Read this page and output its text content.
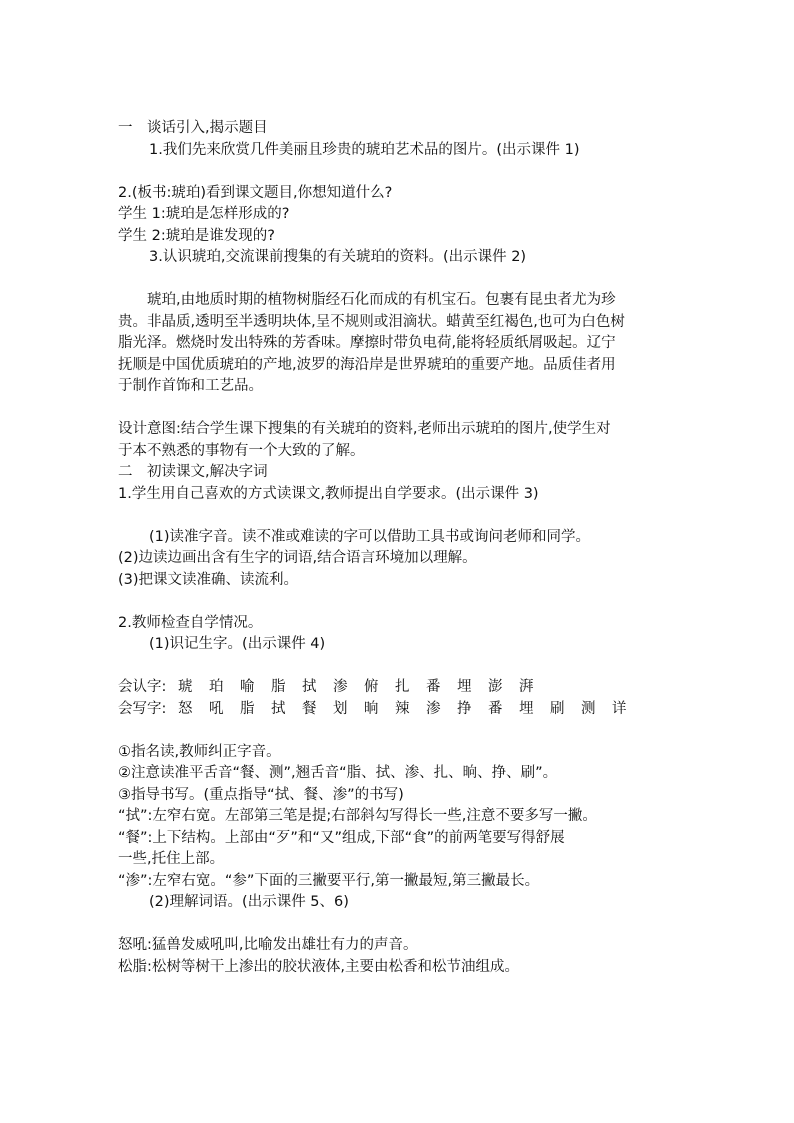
一　谈话引入,揭示题目

1.我们先来欣赏几件美丽且珍贵的琥珀艺术品的图片。(出示课件 1)

2.(板书:琥珀)看到课文题目,你想知道什么?

学生 1:琥珀是怎样形成的?

学生 2:琥珀是谁发现的?

3.认识琥珀,交流课前搜集的有关琥珀的资料。(出示课件 2)

　　琥珀,由地质时期的植物树脂经石化而成的有机宝石。包裹有昆虫者尤为珍

贵。非晶质,透明至半透明块体,呈不规则或泪滴状。蜡黄至红褐色,也可为白色树

脂光泽。燃烧时发出特殊的芳香味。摩擦时带负电荷,能将轻质纸屑吸起。辽宁

抚顺是中国优质琥珀的产地,波罗的海沿岸是世界琥珀的重要产地。品质佳者用

于制作首饰和工艺品。

设计意图:结合学生课下搜集的有关琥珀的资料,老师出示琥珀的图片,使学生对

于本不熟悉的事物有一个大致的了解。

二　初读课文,解决字词

1.学生用自己喜欢的方式读课文,教师提出自学要求。(出示课件 3)

(1)读准字音。读不准或难读的字可以借助工具书或询问老师和同学。

(2)边读边画出含有生字的词语,结合语言环境加以理解。

(3)把课文读准确、读流利。

2.教师检查自学情况。

(1)识记生字。(出示课件 4)

会认字: 琥	珀	喻	脂	拭	渗	俯	扎	番	埋	澎	湃
会写字: 怒	吼	脂	拭	餐	划	晌	辣	渗	挣	番	埋	刷	测	详

①指名读,教师纠正字音。

②注意读准平舌音“餐、测”,翘舌音“脂、拭、渗、扎、晌、挣、刷”。

③指导书写。(重点指导“拭、餐、渗”的书写)

“拭”:左窄右宽。左部第三笔是提;右部斜勾写得长一些,注意不要多写一撇。

“餐”:上下结构。上部由“歹”和“又”组成,下部“食”的前两笔要写得舒展

一些,托住上部。

“渗”:左窄右宽。“参”下面的三撇要平行,第一撇最短,第三撇最长。

(2)理解词语。(出示课件 5、6)

怒吼:猛兽发威吼叫,比喻发出雄壮有力的声音。

松脂:松树等树干上渗出的胶状液体,主要由松香和松节油组成。
